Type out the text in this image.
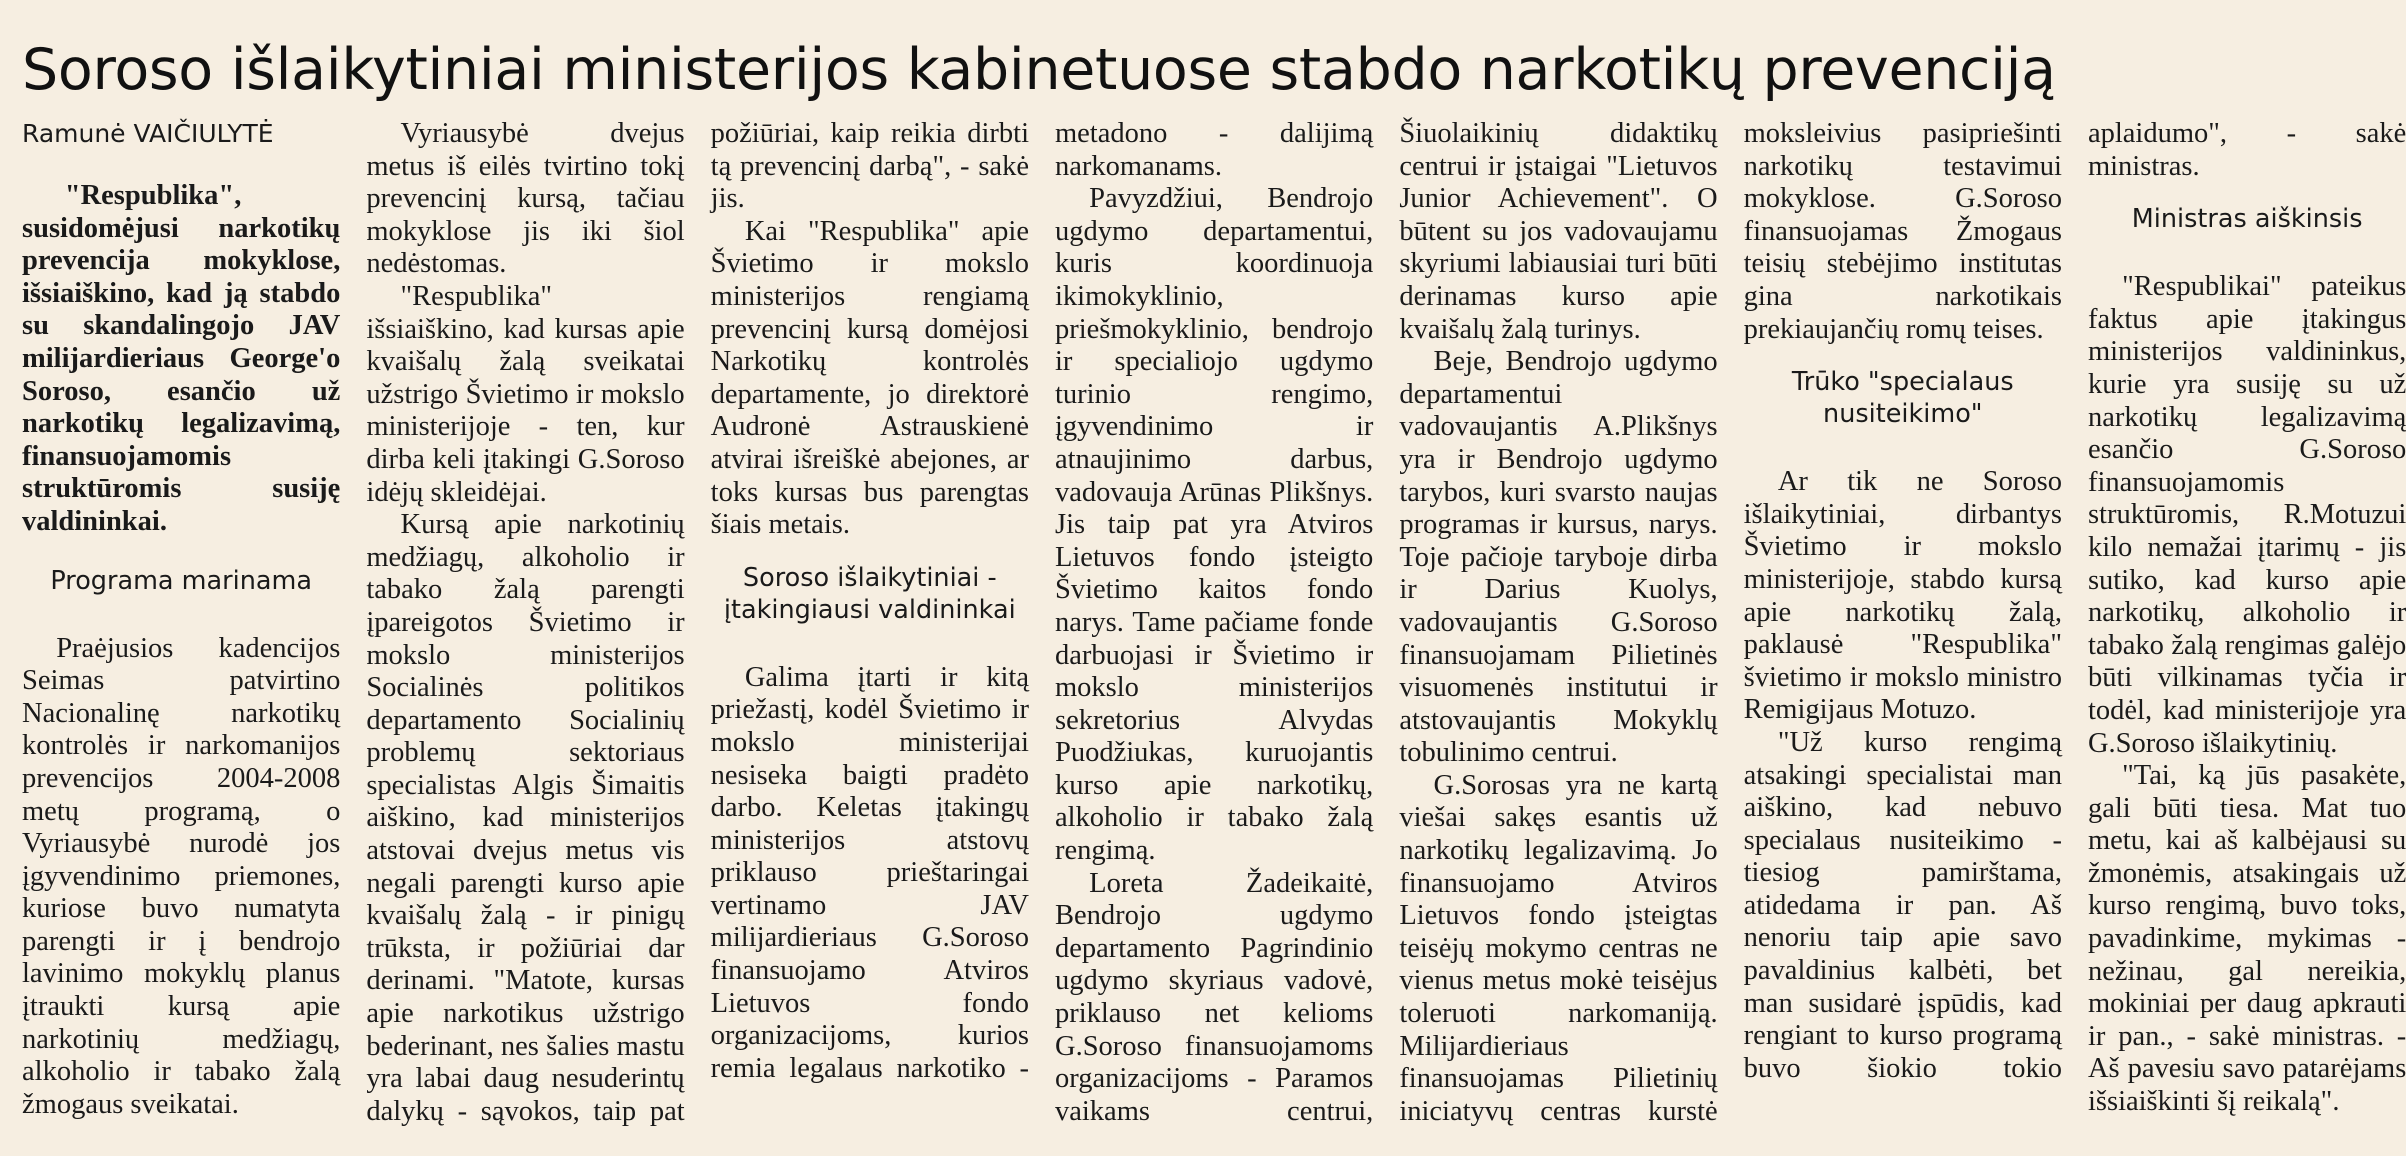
Soroso išlaikytiniai ministerijos kabinetuose stabdo narkotikų prevenciją
Ramunė VAIČIULYTĖ

"Respublika", susidomėjusi narkotikų prevencija mokyklose, išsiaiškino, kad ją stabdo su skandalingojo JAV milijardieriaus George'o Soroso, esančio už narkotikų legalizavimą, finansuojamomis struktūromis susiję valdininkai.

Programa marinama

Praėjusios kadencijos Seimas patvirtino Nacionalinę narkotikų kontrolės ir narkomanijos prevencijos 2004-2008 metų programą, o Vyriausybė nurodė jos įgyvendinimo priemones, kuriose buvo numatyta parengti ir į bendrojo lavinimo mokyklų planus įtraukti kursą apie narkotinių medžiagų, alkoholio ir tabako žalą žmogaus sveikatai.

Vyriausybė dvejus metus iš eilės tvirtino tokį prevencinį kursą, tačiau mokyklose jis iki šiol nedėstomas.

"Respublika" išsiaiškino, kad kursas apie kvaišalų žalą sveikatai užstrigo Švietimo ir mokslo ministerijoje - ten, kur dirba keli įtakingi G.Soroso idėjų skleidėjai.

Kursą apie narkotinių medžiagų, alkoholio ir tabako žalą parengti įpareigotos Švietimo ir mokslo ministerijos Socialinės politikos departamento Socialinių problemų sektoriaus specialistas Algis Šimaitis aiškino, kad ministerijos atstovai dvejus metus vis negali parengti kurso apie kvaišalų žalą - ir pinigų trūksta, ir požiūriai dar derinami. "Matote, kursas apie narkotikus užstrigo bederinant, nes šalies mastu yra labai daug nesuderintų dalykų - sąvokos, taip pat požiūriai, kaip reikia dirbti tą prevencinį darbą", - sakė jis.

Kai "Respublika" apie Švietimo ir mokslo ministerijos rengiamą prevencinį kursą domėjosi Narkotikų kontrolės departamente, jo direktorė Audronė Astrauskienė atvirai išreiškė abejones, ar toks kursas bus parengtas šiais metais.

Soroso išlaikytiniai - įtakingiausi valdininkai

Galima įtarti ir kitą priežastį, kodėl Švietimo ir mokslo ministerijai nesiseka baigti pradėto darbo. Keletas įtakingų ministerijos atstovų priklauso prieštaringai vertinamo JAV milijardieriaus G.Soroso finansuojamo Atviros Lietuvos fondo organizacijoms, kurios remia legalaus narkotiko - metadono - dalijimą narkomanams.

Pavyzdžiui, Bendrojo ugdymo departamentui, kuris koordinuoja ikimokyklinio, priešmokyklinio, bendrojo ir specialiojo ugdymo turinio rengimo, įgyvendinimo ir atnaujinimo darbus, vadovauja Arūnas Plikšnys. Jis taip pat yra Atviros Lietuvos fondo įsteigto Švietimo kaitos fondo narys. Tame pačiame fonde darbuojasi ir Švietimo ir mokslo ministerijos sekretorius Alvydas Puodžiukas, kuruojantis kurso apie narkotikų, alkoholio ir tabako žalą rengimą.

Loreta Žadeikaitė, Bendrojo ugdymo departamento Pagrindinio ugdymo skyriaus vadovė, priklauso net kelioms G.Soroso finansuojamoms organizacijoms - Paramos vaikams centrui, Šiuolaikinių didaktikų centrui ir įstaigai "Lietuvos Junior Achievement". O būtent su jos vadovaujamu skyriumi labiausiai turi būti derinamas kurso apie kvaišalų žalą turinys.

Beje, Bendrojo ugdymo departamentui vadovaujantis A.Plikšnys yra ir Bendrojo ugdymo tarybos, kuri svarsto naujas programas ir kursus, narys. Toje pačioje taryboje dirba ir Darius Kuolys, vadovaujantis G.Soroso finansuojamam Pilietinės visuomenės institutui ir atstovaujantis Mokyklų tobulinimo centrui.

G.Sorosas yra ne kartą viešai sakęs esantis už narkotikų legalizavimą. Jo finansuojamo Atviros Lietuvos fondo įsteigtas teisėjų mokymo centras ne vienus metus mokė teisėjus toleruoti narkomaniją. Milijardieriaus finansuojamas Pilietinių iniciatyvų centras kurstė moksleivius pasipriešinti narkotikų testavimui mokyklose. G.Soroso finansuojamas Žmogaus teisių stebėjimo institutas gina narkotikais prekiaujančių romų teises.

Trūko "specialaus nusiteikimo"

Ar tik ne Soroso išlaikytiniai, dirbantys Švietimo ir mokslo ministerijoje, stabdo kursą apie narkotikų žalą, paklausė "Respublika" švietimo ir mokslo ministro Remigijaus Motuzo.

"Už kurso rengimą atsakingi specialistai man aiškino, kad nebuvo specialaus nusiteikimo - tiesiog pamirštama, atidedama ir pan. Aš nenoriu taip apie savo pavaldinius kalbėti, bet man susidarė įspūdis, kad rengiant to kurso programą buvo šiokio tokio aplaidumo", - sakė ministras.

Ministras aiškinsis

"Respublikai" pateikus faktus apie įtakingus ministerijos valdininkus, kurie yra susiję su už narkotikų legalizavimą esančio G.Soroso finansuojamomis struktūromis, R.Motuzui kilo nemažai įtarimų - jis sutiko, kad kurso apie narkotikų, alkoholio ir tabako žalą rengimas galėjo būti vilkinamas tyčia ir todėl, kad ministerijoje yra G.Soroso išlaikytinių.

"Tai, ką jūs pasakėte, gali būti tiesa. Mat tuo metu, kai aš kalbėjausi su žmonėmis, atsakingais už kurso rengimą, buvo toks, pavadinkime, mykimas - nežinau, gal nereikia, mokiniai per daug apkrauti ir pan., - sakė ministras. - Aš pavesiu savo patarėjams išsiaiškinti šį reikalą".
